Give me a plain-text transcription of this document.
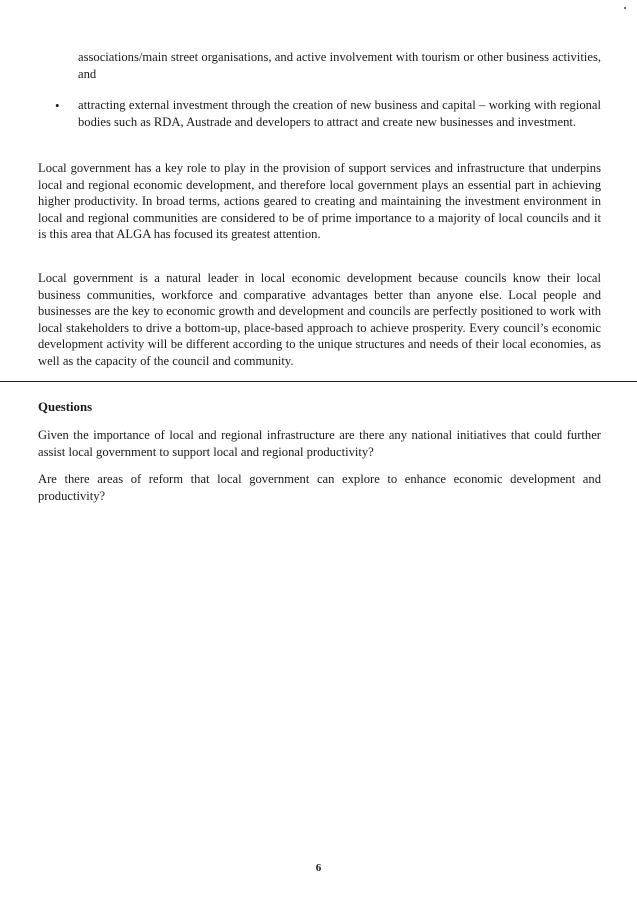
associations/main street organisations, and active involvement with tourism or other business activities, and
• attracting external investment through the creation of new business and capital – working with regional bodies such as RDA, Austrade and developers to attract and create new businesses and investment.
Local government has a key role to play in the provision of support services and infrastructure that underpins local and regional economic development, and therefore local government plays an essential part in achieving higher productivity. In broad terms, actions geared to creating and maintaining the investment environment in local and regional communities are considered to be of prime importance to a majority of local councils and it is this area that ALGA has focused its greatest attention.
Local government is a natural leader in local economic development because councils know their local business communities, workforce and comparative advantages better than anyone else. Local people and businesses are the key to economic growth and development and councils are perfectly positioned to work with local stakeholders to drive a bottom-up, place-based approach to achieve prosperity. Every council’s economic development activity will be different according to the unique structures and needs of their local economies, as well as the capacity of the council and community.
Questions
Given the importance of local and regional infrastructure are there any national initiatives that could further assist local government to support local and regional productivity?
Are there areas of reform that local government can explore to enhance economic development and productivity?
6
